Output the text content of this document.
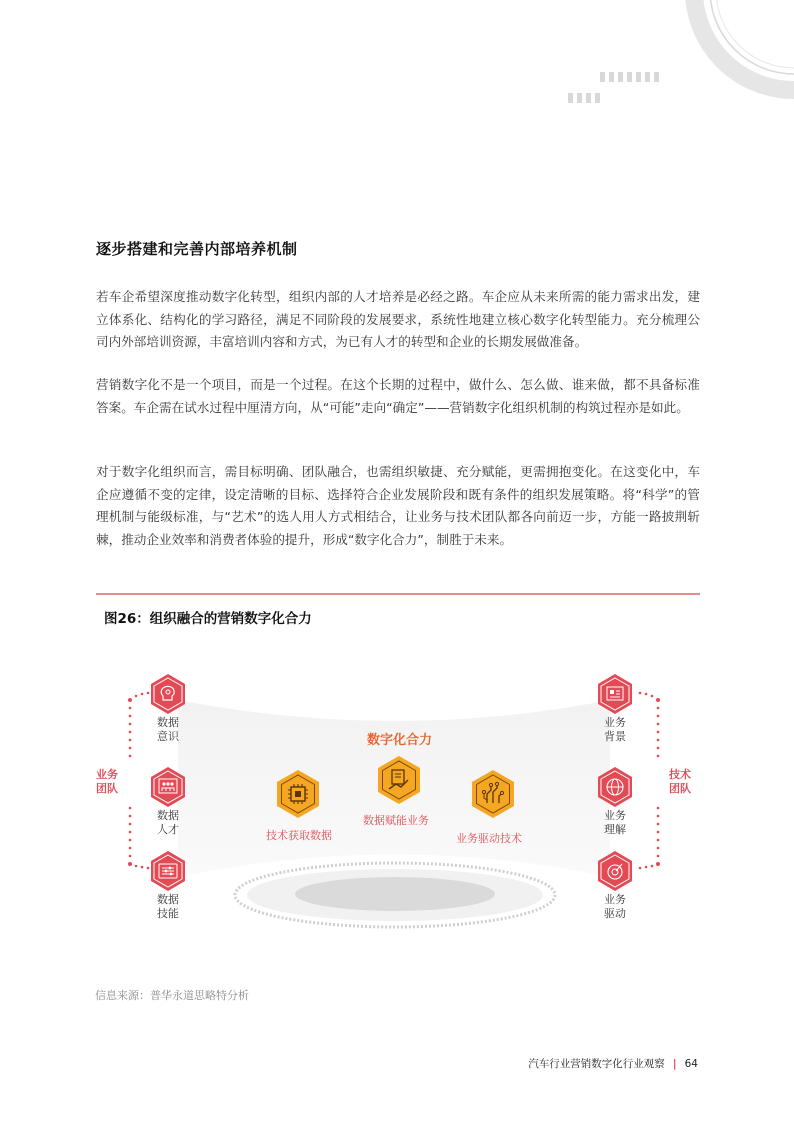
逐步搭建和完善内部培养机制
若车企希望深度推动数字化转型，组织内部的人才培养是必经之路。车企应从未来所需的能力需求出发，建立体系化、结构化的学习路径，满足不同阶段的发展要求，系统性地建立核心数字化转型能力。充分梳理公司内外部培训资源，丰富培训内容和方式，为已有人才的转型和企业的长期发展做准备。
营销数字化不是一个项目，而是一个过程。在这个长期的过程中，做什么、怎么做、谁来做，都不具备标准答案。车企需在试水过程中厘清方向，从“可能”走向“确定”——营销数字化组织机制的构筑过程亦是如此。
对于数字化组织而言，需目标明确、团队融合，也需组织敏捷、充分赋能，更需拥抱变化。在这变化中，车企应遵循不变的定律，设定清晰的目标、选择符合企业发展阶段和既有条件的组织发展策略。将“科学”的管理机制与能级标准，与“艺术”的选人用人方式相结合，让业务与技术团队都各向前迈一步，方能一路披荆斩棘，推动企业效率和消费者体验的提升，形成“数字化合力”，制胜于未来。
图26：组织融合的营销数字化合力
数据
意识
数据
人才
数据
技能
业务
背景
业务
理解
业务
驱动
业务
团队
技术
团队
数字化合力
技术获取数据
数据赋能业务
业务驱动技术
信息来源：普华永道思略特分析
汽车行业营销数字化行业观察 | 64
